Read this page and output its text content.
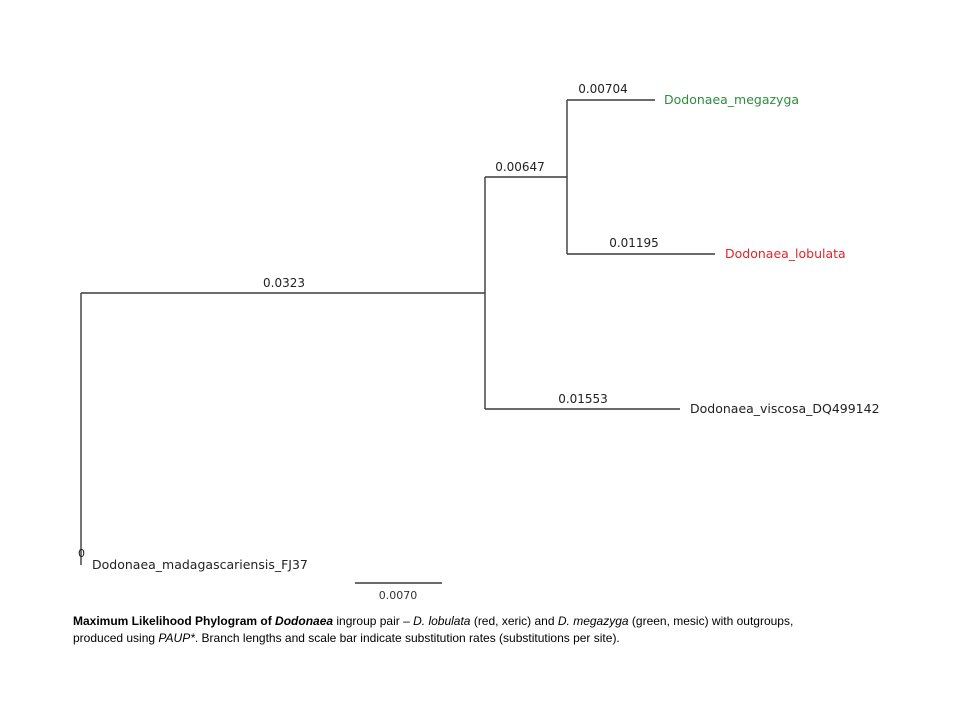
0.0323
0.00647
0.00704
0.01195
0.01553
Dodonaea_megazyga
Dodonaea_lobulata
Dodonaea_viscosa_DQ499142
Dodonaea_madagascariensis_FJ37
0
0.0070
Maximum Likelihood Phylogram of Dodonaea ingroup pair – D. lobulata (red, xeric) and D. megazyga (green, mesic) with outgroups,
produced using PAUP*. Branch lengths and scale bar indicate substitution rates (substitutions per site).
